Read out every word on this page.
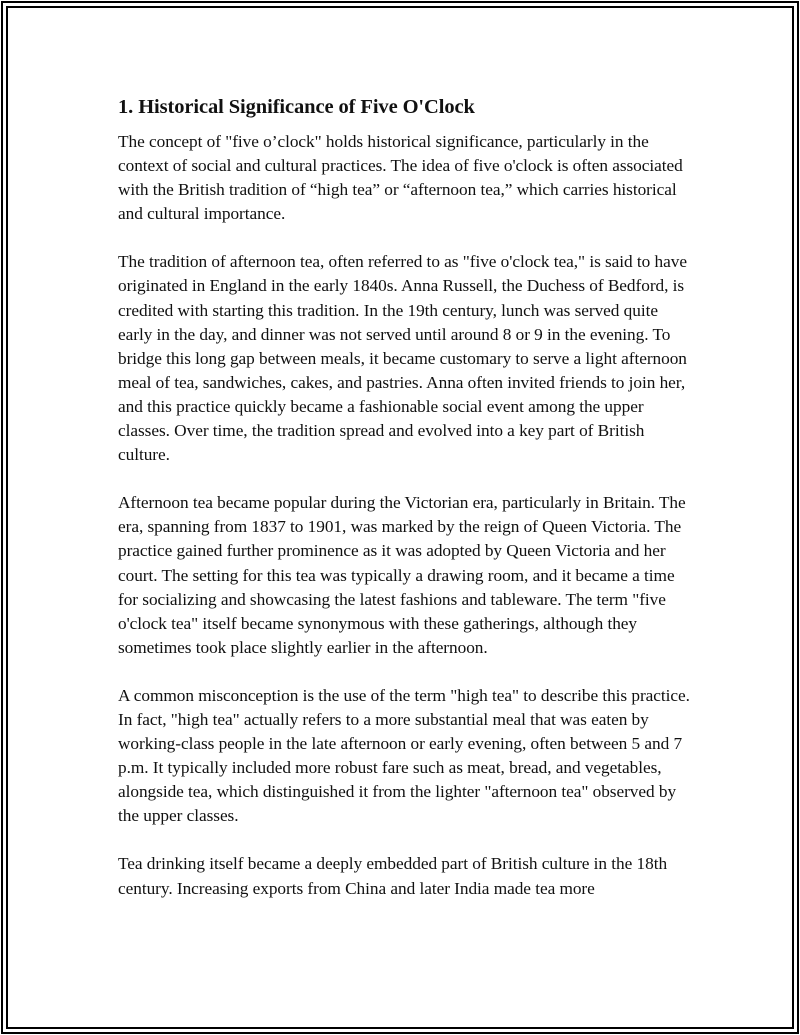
1. Historical Significance of Five O'Clock

The concept of "five o’clock" holds historical significance, particularly in the context of social and cultural practices. The idea of five o'clock is often associated with the British tradition of “high tea” or “afternoon tea,” which carries historical and cultural importance.

The tradition of afternoon tea, often referred to as "five o'clock tea," is said to have originated in England in the early 1840s. Anna Russell, the Duchess of Bedford, is credited with starting this tradition. In the 19th century, lunch was served quite early in the day, and dinner was not served until around 8 or 9 in the evening. To bridge this long gap between meals, it became customary to serve a light afternoon meal of tea, sandwiches, cakes, and pastries. Anna often invited friends to join her, and this practice quickly became a fashionable social event among the upper classes. Over time, the tradition spread and evolved into a key part of British culture.

Afternoon tea became popular during the Victorian era, particularly in Britain. The era, spanning from 1837 to 1901, was marked by the reign of Queen Victoria. The practice gained further prominence as it was adopted by Queen Victoria and her court. The setting for this tea was typically a drawing room, and it became a time for socializing and showcasing the latest fashions and tableware. The term "five o'clock tea" itself became synonymous with these gatherings, although they sometimes took place slightly earlier in the afternoon.

A common misconception is the use of the term "high tea" to describe this practice. In fact, "high tea" actually refers to a more substantial meal that was eaten by working-class people in the late afternoon or early evening, often between 5 and 7 p.m. It typically included more robust fare such as meat, bread, and vegetables, alongside tea, which distinguished it from the lighter "afternoon tea" observed by the upper classes.

Tea drinking itself became a deeply embedded part of British culture in the 18th century. Increasing exports from China and later India made tea more
